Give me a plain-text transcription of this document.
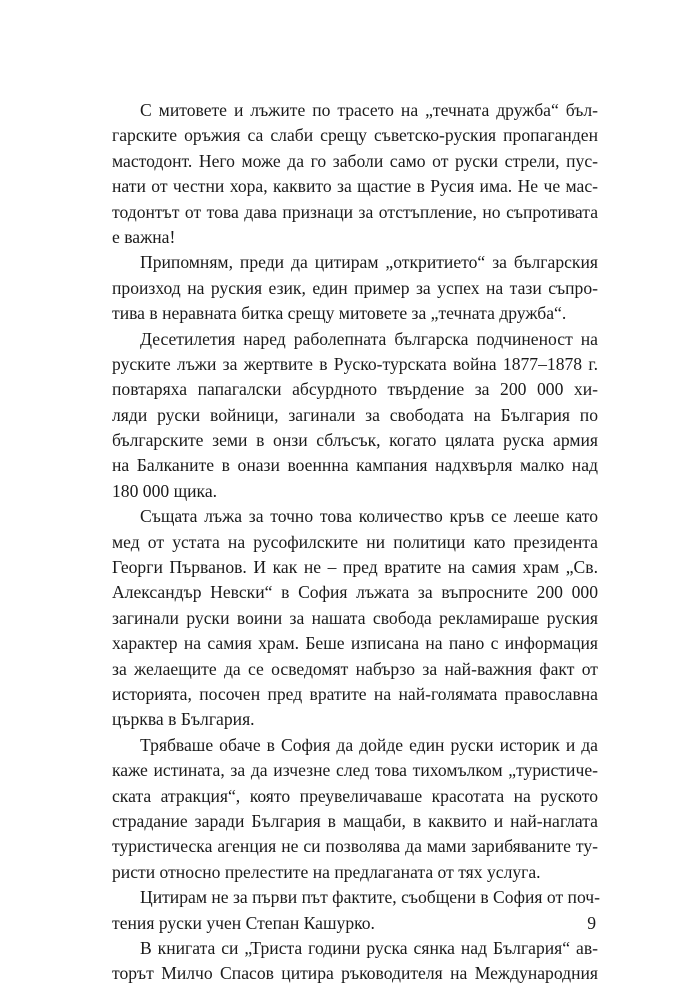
С митовете и лъжите по трасето на „течната дружба“ бъл-
гарските оръжия са слаби срещу съветско-руския пропаганден
мастодонт. Него може да го заболи само от руски стрели, пус-
нати от честни хора, каквито за щастие в Русия има. Не че мас-
тодонтът от това дава признаци за отстъпление, но съпротивата
е важна!
Припомням, преди да цитирам „откритието“ за българския
произход на руския език, един пример за успех на тази съпро-
тива в неравната битка срещу митовете за „течната дружба“.
Десетилетия наред раболепната българска подчиненост на
руските лъжи за жертвите в Руско-турската война 1877–1878 г.
повтаряха папагалски абсурдното твърдение за 200 000 хи-
ляди руски войници, загинали за свободата на България по
българските земи в онзи сблъсък, когато цялата руска армия
на Балканите в онази военнна кампания надхвърля малко над
180 000 щика.
Същата лъжа за точно това количество кръв се лееше като
мед от устата на русофилските ни политици като президента
Георги Първанов. И как не – пред вратите на самия храм „Св.
Александър Невски“ в София лъжата за въпросните 200 000
загинали руски воини за нашата свобода рекламираше руския
характер на самия храм. Беше изписана на пано с информация
за желаещите да се осведомят набързо за най-важния факт от
историята, посочен пред вратите на най-голямата православна
църква в България.
Трябваше обаче в София да дойде един руски историк и да
каже истината, за да изчезне след това тихомълком „туристиче-
ската атракция“, която преувеличаваше красотата на руското
страдание заради България в мащаби, в каквито и най-наглата
туристическа агенция не си позволява да мами зарибяваните ту-
ристи относно прелестите на предлаганата от тях услуга.
Цитирам не за първи път фактите, съобщени в София от поч-
тения руски учен Степан Кашурко.
В книгата си „Триста години руска сянка над България“ ав-
торът Милчо Спасов цитира ръководителя на Международния
9
